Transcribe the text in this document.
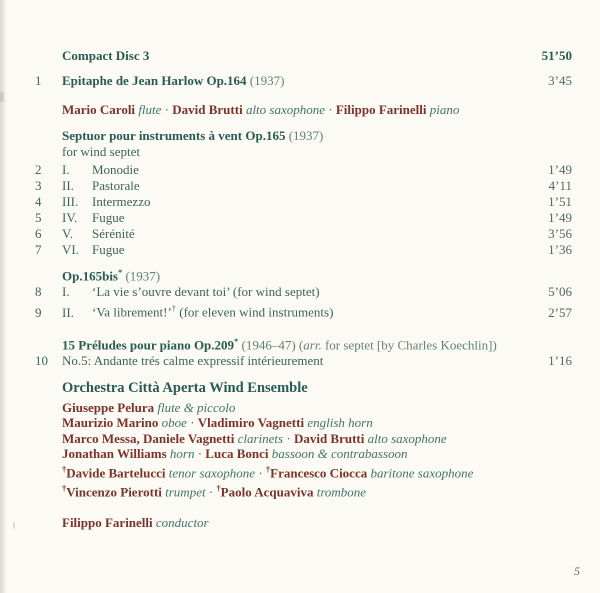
Compact Disc 3	51’50
1	Epitaphe de Jean Harlow Op.164 (1937)	3’45
Mario Caroli flute · David Brutti alto saxophone · Filippo Farinelli piano
Septuor pour instruments à vent Op.165 (1937)
for wind septet
2	I.	Monodie	1’49
3	II.	Pastorale	4’11
4	III.	Intermezzo	1’51
5	IV.	Fugue	1’49
6	V.	Sérénité	3’56
7	VI.	Fugue	1’36
Op.165bis* (1937)
8	I.	‘La vie s’ouvre devant toi’ (for wind septet)	5’06
9	II.	‘Va librement!’† (for eleven wind instruments)	2’57
15 Préludes pour piano Op.209* (1946–47) (arr. for septet [by Charles Koechlin])
10	No.5: Andante trés calme expressif intérieurement	1’16
Orchestra Città Aperta Wind Ensemble
Giuseppe Pelura flute & piccolo
Maurizio Marino oboe · Vladimiro Vagnetti english horn
Marco Messa, Daniele Vagnetti clarinets · David Brutti alto saxophone
Jonathan Williams horn · Luca Bonci bassoon & contrabassoon
†Davide Bartelucci tenor saxophone · †Francesco Ciocca baritone saxophone
†Vincenzo Pierotti trumpet · †Paolo Acquaviva trombone
Filippo Farinelli conductor
5
